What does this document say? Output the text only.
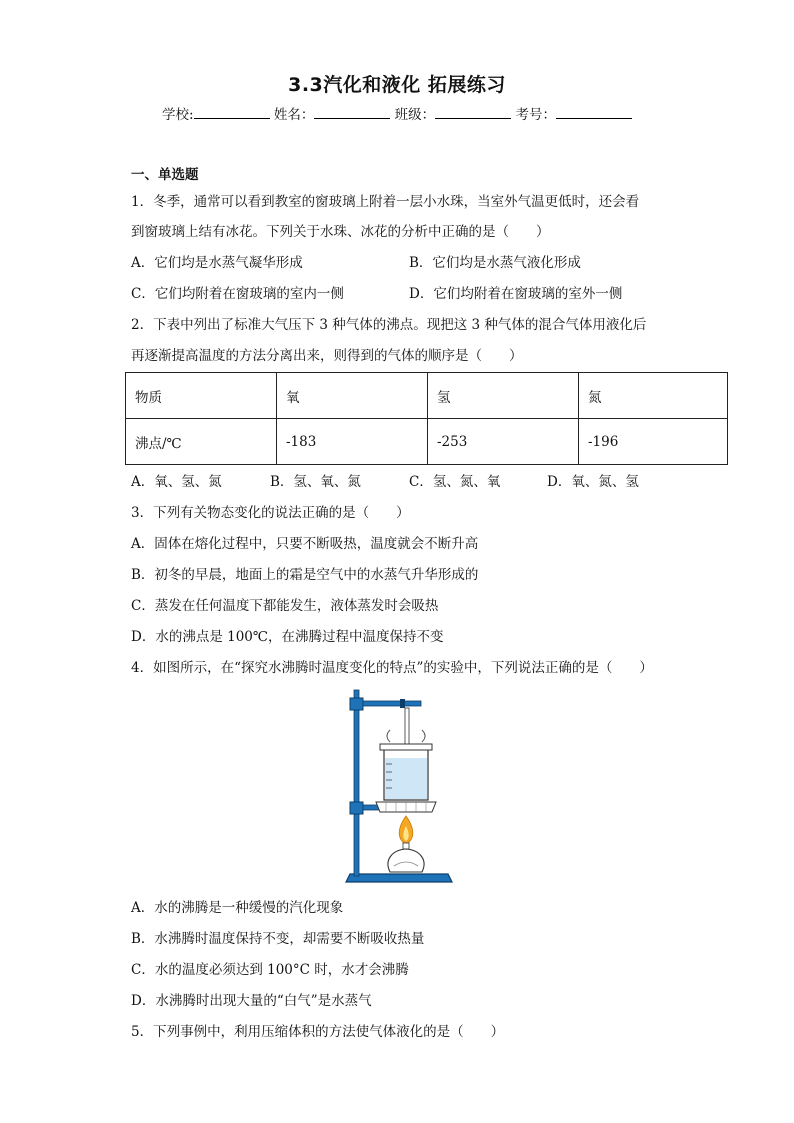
3.3汽化和液化 拓展练习
学校:	姓名：	班级：	考号：
一、单选题
1．冬季，通常可以看到教室的窗玻璃上附着一层小水珠，当室外气温更低时，还会看
到窗玻璃上结有冰花。下列关于水珠、冰花的分析中正确的是（　　）
A．它们均是水蒸气凝华形成	B．它们均是水蒸气液化形成
C．它们均附着在窗玻璃的室内一侧	D．它们均附着在窗玻璃的室外一侧
2．下表中列出了标准大气压下 3 种气体的沸点。现把这 3 种气体的混合气体用液化后
再逐渐提高温度的方法分离出来，则得到的气体的顺序是（　　）
物质	氧	氢	氮
沸点/℃	-183	-253	-196
A．氧、氢、氮	B．氢、氧、氮	C．氢、氮、氧	D．氧、氮、氢
3．下列有关物态变化的说法正确的是（　　）
A．固体在熔化过程中，只要不断吸热，温度就会不断升高
B．初冬的早晨，地面上的霜是空气中的水蒸气升华形成的
C．蒸发在任何温度下都能发生，液体蒸发时会吸热
D．水的沸点是 100℃，在沸腾过程中温度保持不变
4．如图所示，在“探究水沸腾时温度变化的特点”的实验中，下列说法正确的是（　　）
A．水的沸腾是一种缓慢的汽化现象
B．水沸腾时温度保持不变，却需要不断吸收热量
C．水的温度必须达到 100°C 时，水才会沸腾
D．水沸腾时出现大量的“白气”是水蒸气
5．下列事例中，利用压缩体积的方法使气体液化的是（　　）
